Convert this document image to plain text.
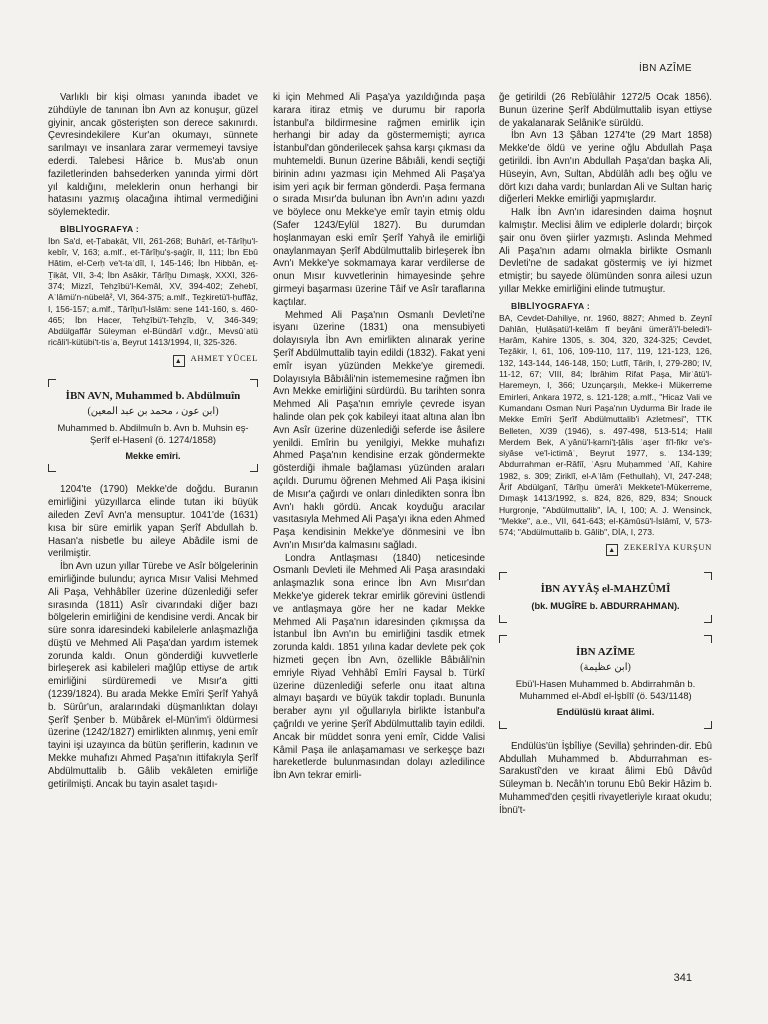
İBN AZÎME

Varlıklı bir kişi olması yanında ibadet ve zühdüyle de tanınan İbn Avn az konuşur, güzel giyinir, ancak gösterişten son derece sakınırdı. Çevresindekilere Kur'an okumayı, sünnete sarılmayı ve insanlara zarar vermemeyi tavsiye ederdi. Talebesi Hârice b. Mus'ab onun faziletlerinden bahsederken yanında yirmi dört yıl kaldığını, meleklerin onun herhangi bir hatasını yazmış olacağına ihtimal vermediğini söylemektedir.

BİBLİYOGRAFYA :

İbn Sa'd, eṭ-Ṭabaḳāt, VII, 261-268; Buhârî, et-Târîḫu'l-kebîr, V, 163; a.mlf., et-Târîḫu'ṣ-ṣaġîr, II, 111; İbn Ebû Hâtim, el-Cerḥ ve't-taʿdîl, I, 145-146; İbn Hibbân, eṯ-Ṯiḳāt, VII, 3-4; İbn Asâkir, Târîḫu Dımaşḳ, XXXI, 326-374; Mizzî, Tehẕîbü'l-Kemâl, XV, 394-402; Zehebî, Aʿlâmü'n-nübelâ², VI, 364-375; a.mlf., Teẕkiretü'l-ḥuffâẓ, I, 156-157; a.mlf., Târîḫu'l-İslâm: sene 141-160, s. 460-465; İbn Hacer, Tehẕîbü't-Tehẕîb, V, 346-349; Abdülgaffâr Süleyman el-Bündârî v.dğr., Mevsûʿatü ricâli'l-kütübi't-tisʿa, Beyrut 1413/1994, II, 325-326.

▲ AHMET YÜCEL
İBN AVN, Muhammed b. Abdülmuîn
(ابن عون ، محمد بن عبد المعين)
Muhammed b. Abdilmuîn b. Avn b. Muhsin eş-Şerîf el-Hasenî (ö. 1274/1858)
Mekke emîri.

1204'te (1790) Mekke'de doğdu. Buranın emirliğini yüzyıllarca elinde tutan iki büyük aileden Zevî Avn'a mensuptur. 1041'de (1631) kısa bir süre emirlik yapan Şerîf Abdullah b. Hasan'a nisbetle bu aileye Abâdile ismi de verilmiştir.

İbn Avn uzun yıllar Türebe ve Asîr bölgelerinin emirliğinde bulundu; ayrıca Mısır Valisi Mehmed Ali Paşa, Vehhâbîler üzerine düzenlediği sefer sırasında (1811) Asîr civarındaki diğer bazı bölgelerin emirliğini de kendisine verdi. Ancak bir süre sonra idaresindeki kabilelerle anlaşmazlığa düştü ve Mehmed Ali Paşa'dan yardım istemek zorunda kaldı. Onun gönderdiği kuvvetlerle birleşerek asi kabileleri mağlûp ettiyse de artık emirliğini sürdüremedi ve Mısır'a gitti (1239/1824). Bu arada Mekke Emîri Şerîf Yahyâ b. Sürûr'un, aralarındaki düşmanlıktan dolayı Şerîf Şenber b. Mübârek el-Mün'im'i öldürmesi üzerine (1242/1827) emirlikten alınmış, yeni emîr tayini işi uzayınca da bütün şeriflerin, kadının ve Mekke muhafızı Ahmed Paşa'nın ittifakıyla Şerîf Abdülmuttalib b. Gâlib vekâleten emirliğe getirilmişti. Ancak bu tayin asalet taşıdı-

ki için Mehmed Ali Paşa'ya yazıldığında paşa karara itiraz etmiş ve durumu bir raporla İstanbul'a bildirmesine rağmen emirlik için herhangi bir aday da göstermemişti; ayrıca İstanbul'dan gönderilecek şahsa karşı çıkması da muhtemeldi. Bunun üzerine Bâbıâli, kendi seçtiği birinin adını yazması için Mehmed Ali Paşa'ya isim yeri açık bir ferman gönderdi. Paşa fermana o sırada Mısır'da bulunan İbn Avn'ın adını yazdı ve böylece onu Mekke'ye emîr tayin etmiş oldu (Safer 1243/Eylül 1827). Bu durumdan hoşlanmayan eski emîr Şerîf Yahyâ ile emirliği onaylanmayan Şerîf Abdülmuttalib birleşerek İbn Avn'ı Mekke'ye sokmamaya karar verdilerse de onun Mısır kuvvetlerinin himayesinde şehre girmeyi başarması üzerine Tâif ve Asîr taraflarına kaçtılar.

Mehmed Ali Paşa'nın Osmanlı Devleti'ne isyanı üzerine (1831) ona mensubiyeti dolayısıyla İbn Avn emirlikten alınarak yerine Şerîf Abdülmuttalib tayin edildi (1832). Fakat yeni emîr isyan yüzünden Mekke'ye giremedi. Dolayısıyla Bâbıâli'nin istememesine rağmen İbn Avn Mekke emirliğini sürdürdü. Bu tarihten sonra Mehmed Ali Paşa'nın emriyle çevrede isyan halinde olan pek çok kabileyi itaat altına alan İbn Avn Asîr üzerine düzenlediği seferde ise âsilere yenildi. Emîrin bu yenilgiyi, Mekke muhafızı Ahmed Paşa'nın kendisine erzak göndermekte gösterdiği ihmale bağlaması yüzünden araları açıldı. Durumu öğrenen Mehmed Ali Paşa ikisini de Mısır'a çağırdı ve onları dinledikten sonra İbn Avn'ı haklı gördü. Ancak koyduğu aracılar vasıtasıyla Mehmed Ali Paşa'yı ikna eden Ahmed Paşa kendisinin Mekke'ye dönmesini ve İbn Avn'ın Mısır'da kalmasını sağladı.

Londra Antlaşması (1840) neticesinde Osmanlı Devleti ile Mehmed Ali Paşa arasındaki anlaşmazlık sona erince İbn Avn Mısır'dan Mekke'ye giderek tekrar emirlik görevini üstlendi ve antlaşmaya göre her ne kadar Mekke Mehmed Ali Paşa'nın idaresinden çıkmışsa da İstanbul İbn Avn'ın bu emirliğini tasdik etmek zorunda kaldı. 1851 yılına kadar devlete pek çok hizmeti geçen İbn Avn, özellikle Bâbıâli'nin emriyle Riyad Vehhâbî Emîri Faysal b. Türkî üzerine düzenlediği seferle onu itaat altına almayı başardı ve büyük takdir topladı. Bununla beraber aynı yıl oğullarıyla birlikte İstanbul'a çağrıldı ve yerine Şerîf Abdülmuttalib tayin edildi. Ancak bir müddet sonra yeni emîr, Cidde Valisi Kâmil Paşa ile anlaşamaması ve serkeşçe bazı hareketlerde bulunmasından dolayı azledilince İbn Avn tekrar emirli-

ğe getirildi (26 Rebîülâhir 1272/5 Ocak 1856). Bunun üzerine Şerîf Abdülmuttalib isyan ettiyse de yakalanarak Selânik'e sürüldü.

İbn Avn 13 Şâban 1274'te (29 Mart 1858) Mekke'de öldü ve yerine oğlu Abdullah Paşa getirildi. İbn Avn'ın Abdullah Paşa'dan başka Ali, Hüseyin, Avn, Sultan, Abdülâh adlı beş oğlu ve dört kızı daha vardı; bunlardan Ali ve Sultan hariç diğerleri Mekke emirliği yapmışlardır.

Halk İbn Avn'ın idaresinden daima hoşnut kalmıştır. Meclisi âlim ve ediplerle dolardı; birçok şair onu öven şiirler yazmıştı. Aslında Mehmed Ali Paşa'nın adamı olmakla birlikte Osmanlı Devleti'ne de sadakat göstermiş ve iyi hizmet etmiştir; bu sayede ölümünden sonra ailesi uzun yıllar Mekke emirliğini elinde tutmuştur.

BİBLİYOGRAFYA :

BA, Cevdet-Dahiliye, nr. 1960, 8827; Ahmed b. Zeynî Dahlân, Ḫulâṣatü'l-kelâm fî beyâni ümerâ'i'l-beledi'l-Ḥarâm, Kahire 1305, s. 304, 320, 324-325; Cevdet, Teẕâkir, I, 61, 106, 109-110, 117, 119, 121-123, 126, 132, 143-144, 146-148, 150; Lutfî, Târih, I, 279-280; IV, 11-12, 67; VIII, 84; İbrâhim Rifat Paşa, Mirʾâtü'l-Ḥaremeyn, I, 366; Uzunçarşılı, Mekke-i Mükerreme Emirleri, Ankara 1972, s. 121-128; a.mlf., "Hicaz Vali ve Kumandanı Osman Nuri Paşa'nın Uydurma Bir İrade ile Mekke Emîri Şerîf Abdülmuttalib'i Azletmesi", TTK Belleten, X/39 (1946), s. 497-498, 513-514; Halil Merdem Bek, Aʿyânü'l-ḳarni'ṯ-ṯâlis ʿaşer fi'l-fikr ve's-siyâse ve'l-ictimâʿ, Beyrut 1977, s. 134-139; Abdurrahman er-Râfiî, ʿAṣru Muḥammed ʿAlî, Kahire 1982, s. 309; Ziriklî, el-Aʿlâm (Fethullah), VI, 247-248; Ârif Abdülganî, Târîḫu ümerâ'i Mekkete'l-Mükerreme, Dımaşk 1413/1992, s. 824, 826, 829, 834; Snouck Hurgronje, "Abdülmuttalib", İA, I, 100; A. J. Wensinck, "Mekke", a.e., VII, 641-643; el-Ḳāmûsü'l-İslâmî, V, 573-574; "Abdülmuttalib b. Gâlib", DİA, I, 273.

▲ ZEKERİYA KURŞUN
İBN AYYÂŞ el-MAHZÛMÎ
(bk. MUGÎRE b. ABDURRAHMAN).
İBN AZÎME
(ابن عظيمة)
Ebü'l-Hasen Muhammed b. Abdirrahmân b. Muhammed el-Abdî el-İşbîlî (ö. 543/1148)
Endülüslü kıraat âlimi.

Endülüs'ün İşbîliye (Sevilla) şehrinden-dir. Ebû Abdullah Muhammed b. Abdurrahman es-Sarakustî'den ve kıraat âlimi Ebû Dâvûd Süleyman b. Necâh'ın torunu Ebû Bekir Hâzim b. Muhammed'den çeşitli rivayetleriyle kıraat okudu; İbnü't-

341
